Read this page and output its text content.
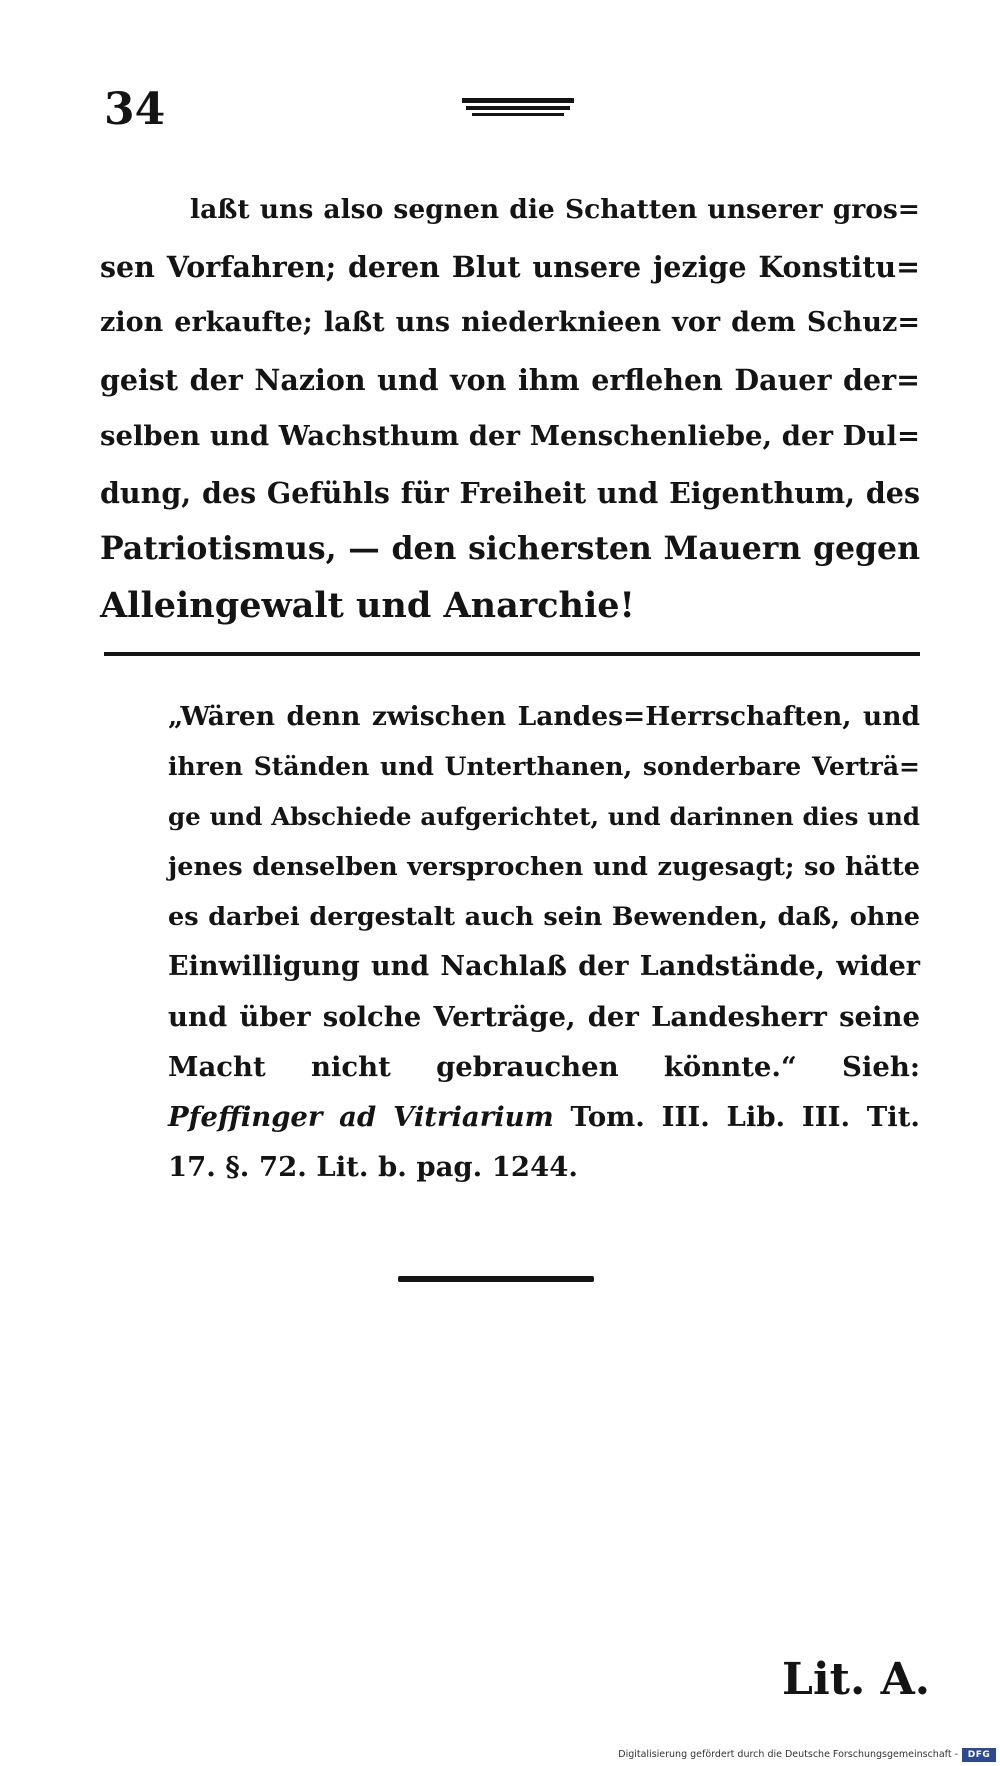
34
laßt uns also segnen die Schatten unserer gros=
sen Vorfahren; deren Blut unsere jezige Konstitu=
zion erkaufte; laßt uns niederknieen vor dem Schuz=
geist der Nazion und von ihm erflehen Dauer der=
selben und Wachsthum der Menschenliebe, der Dul=
dung, des Gefühls für Freiheit und Eigenthum, des
Patriotismus, — den sichersten Mauern gegen
Alleingewalt und Anarchie!
„Wären denn zwischen Landes=Herrschaften, und
ihren Ständen und Unterthanen, sonderbare Verträ=
ge und Abschiede aufgerichtet, und darinnen dies und
jenes denselben versprochen und zugesagt; so hätte
es darbei dergestalt auch sein Bewenden, daß, ohne
Einwilligung und Nachlaß der Landstände, wider
und über solche Verträge, der Landesherr seine
Macht nicht gebrauchen könnte.“ Sieh:
Pfeffinger ad Vitriarium Tom. III. Lib. III. Tit.
17. §. 72. Lit. b. pag. 1244.
Lit. A.
Digitalisierung gefördert durch die Deutsche Forschungsgemeinschaft -	DFG
